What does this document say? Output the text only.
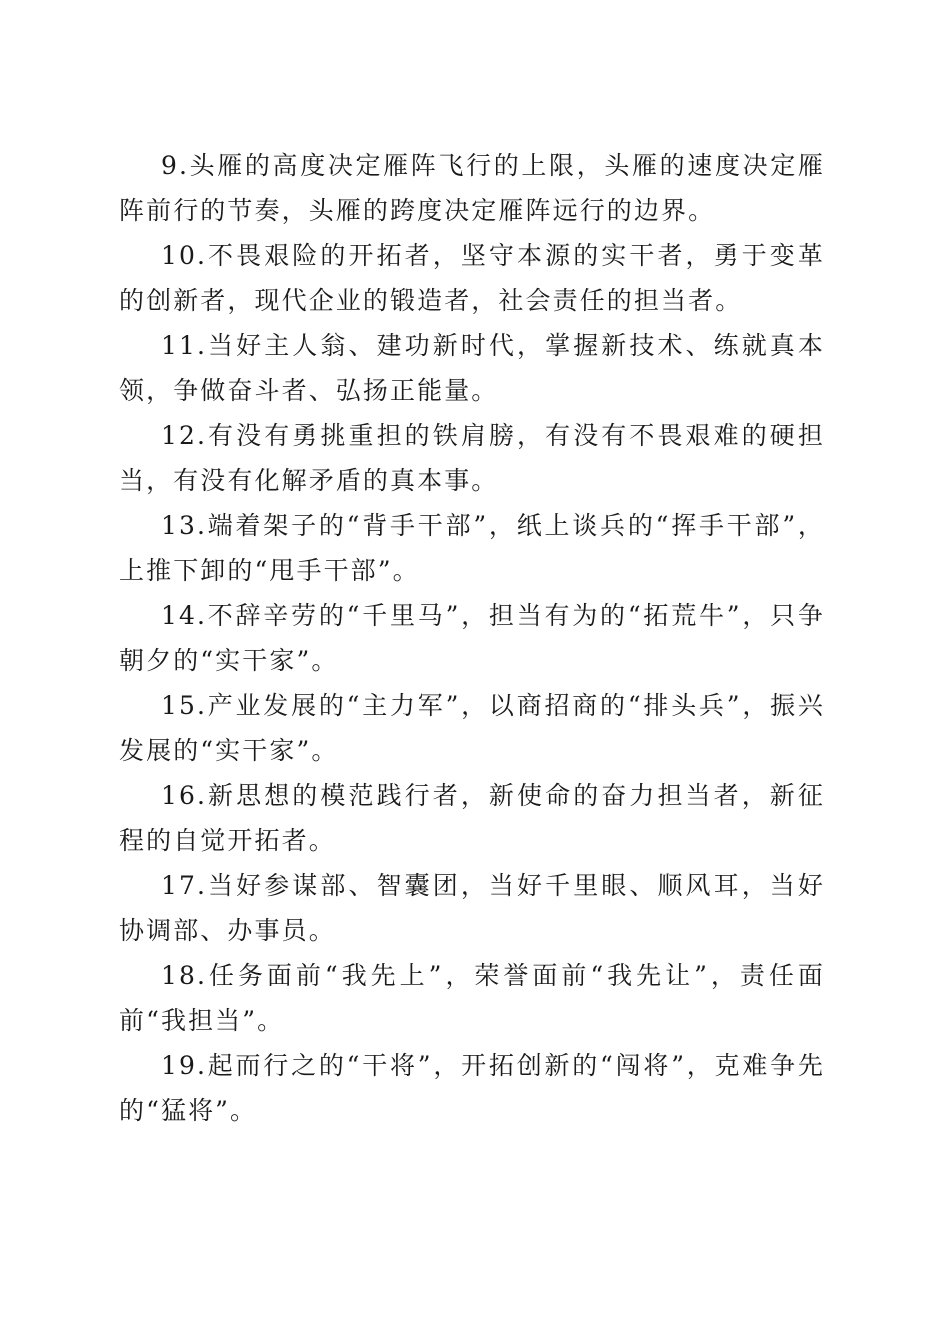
9.头雁的高度决定雁阵飞行的上限，头雁的速度决定雁阵前行的节奏，头雁的跨度决定雁阵远行的边界。

10.不畏艰险的开拓者，坚守本源的实干者，勇于变革的创新者，现代企业的锻造者，社会责任的担当者。

11.当好主人翁、建功新时代，掌握新技术、练就真本领，争做奋斗者、弘扬正能量。

12.有没有勇挑重担的铁肩膀，有没有不畏艰难的硬担当，有没有化解矛盾的真本事。

13.端着架子的“背手干部”，纸上谈兵的“挥手干部”，上推下卸的“甩手干部”。

14.不辞辛劳的“千里马”，担当有为的“拓荒牛”，只争朝夕的“实干家”。

15.产业发展的“主力军”，以商招商的“排头兵”，振兴发展的“实干家”。

16.新思想的模范践行者，新使命的奋力担当者，新征程的自觉开拓者。

17.当好参谋部、智囊团，当好千里眼、顺风耳，当好协调部、办事员。

18.任务面前“我先上”，荣誉面前“我先让”，责任面前“我担当”。

19.起而行之的“干将”，开拓创新的“闯将”，克难争先的“猛将”。
